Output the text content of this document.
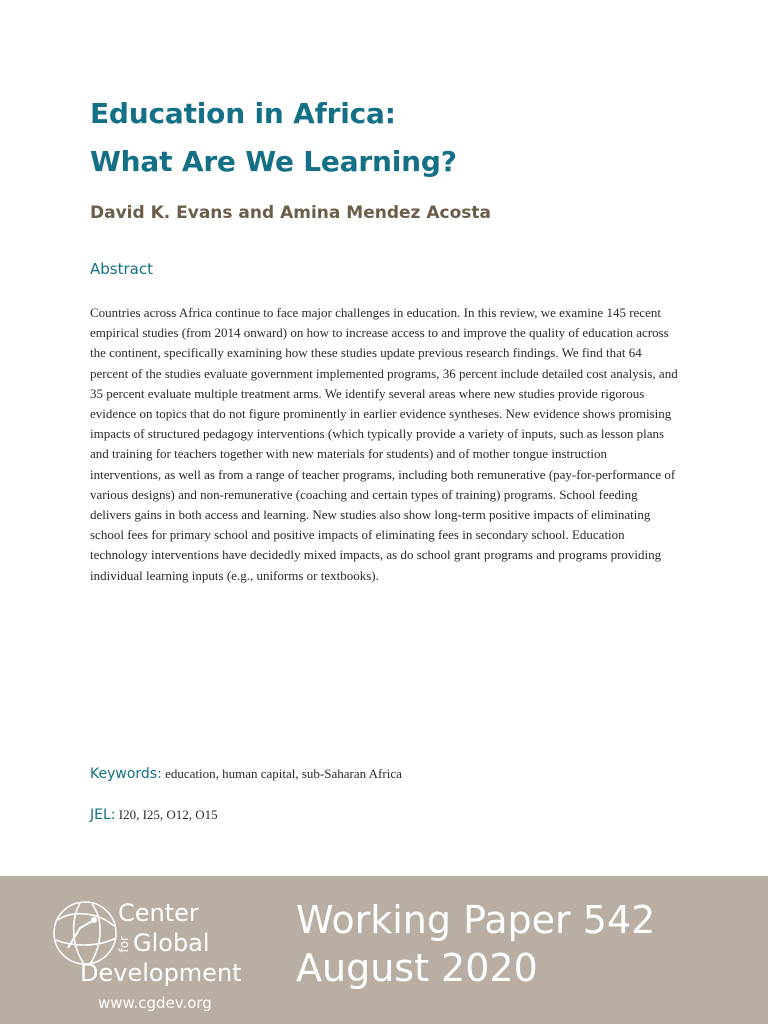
Education in Africa:
What Are We Learning?
David K. Evans and Amina Mendez Acosta
Abstract

Countries across Africa continue to face major challenges in education. In this review, we examine 145 recent empirical studies (from 2014 onward) on how to increase access to and improve the quality of education across the continent, specifically examining how these studies update previous research findings. We find that 64 percent of the studies evaluate government implemented programs, 36 percent include detailed cost analysis, and 35 percent evaluate multiple treatment arms. We identify several areas where new studies provide rigorous evidence on topics that do not figure prominently in earlier evidence syntheses. New evidence shows promising impacts of structured pedagogy interventions (which typically provide a variety of inputs, such as lesson plans and training for teachers together with new materials for students) and of mother tongue instruction interventions, as well as from a range of teacher programs, including both remunerative (pay-for-performance of various designs) and non-remunerative (coaching and certain types of training) programs. School feeding delivers gains in both access and learning. New studies also show long-term positive impacts of eliminating school fees for primary school and positive impacts of eliminating fees in secondary school. Education technology interventions have decidedly mixed impacts, as do school grant programs and programs providing individual learning inputs (e.g., uniforms or textbooks).

Keywords: education, human capital, sub-Saharan Africa
JEL: I20, I25, O12, O15
Center
forGlobal
Development
www.cgdev.org
Working Paper 542
August 2020
